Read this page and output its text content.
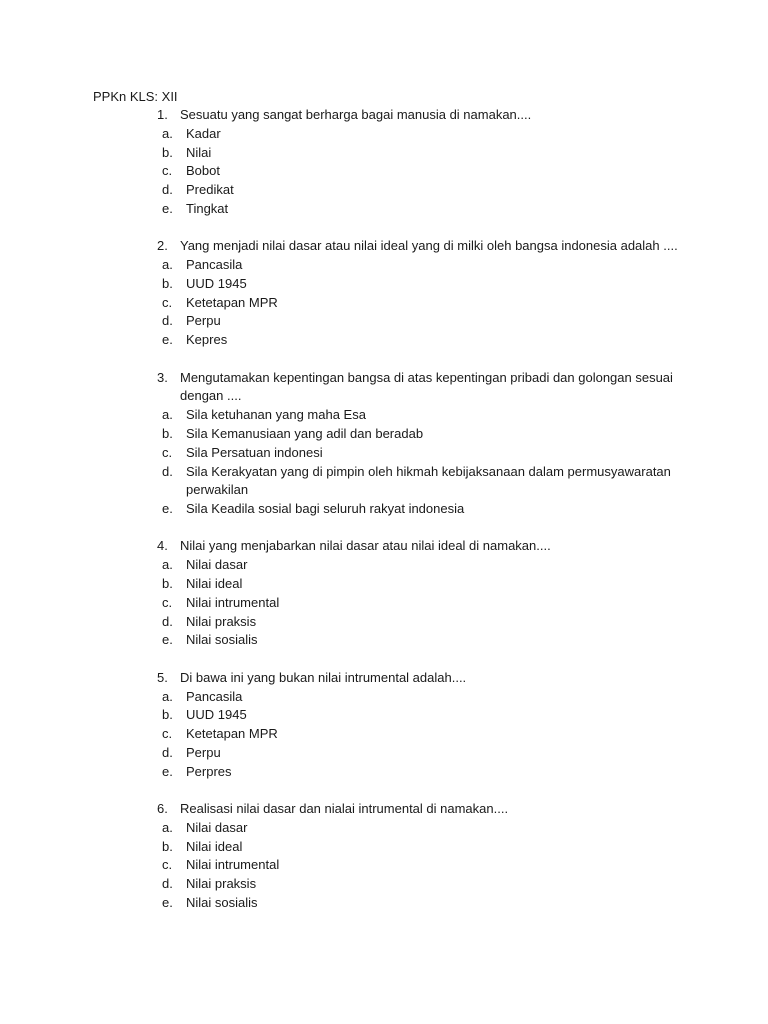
PPKn KLS: XII
1. Sesuatu yang sangat berharga bagai manusia di namakan....
a. Kadar
b. Nilai
c. Bobot
d. Predikat
e. Tingkat
2. Yang menjadi nilai dasar atau nilai ideal yang di milki oleh bangsa indonesia adalah ....
a. Pancasila
b. UUD 1945
c. Ketetapan MPR
d. Perpu
e. Kepres
3. Mengutamakan kepentingan bangsa di atas kepentingan pribadi dan golongan sesuai dengan ....
a. Sila ketuhanan yang maha Esa
b. Sila Kemanusiaan yang adil dan beradab
c. Sila Persatuan indonesi
d. Sila Kerakyatan yang di pimpin oleh hikmah kebijaksanaan dalam permusyawaratan perwakilan
e. Sila Keadila sosial bagi seluruh rakyat indonesia
4. Nilai yang menjabarkan nilai dasar atau nilai ideal di namakan....
a. Nilai dasar
b. Nilai ideal
c. Nilai intrumental
d. Nilai praksis
e. Nilai sosialis
5. Di bawa ini yang bukan nilai intrumental adalah....
a. Pancasila
b. UUD 1945
c. Ketetapan MPR
d. Perpu
e. Perpres
6. Realisasi nilai dasar dan nialai intrumental di namakan....
a. Nilai dasar
b. Nilai ideal
c. Nilai intrumental
d. Nilai praksis
e. Nilai sosialis
